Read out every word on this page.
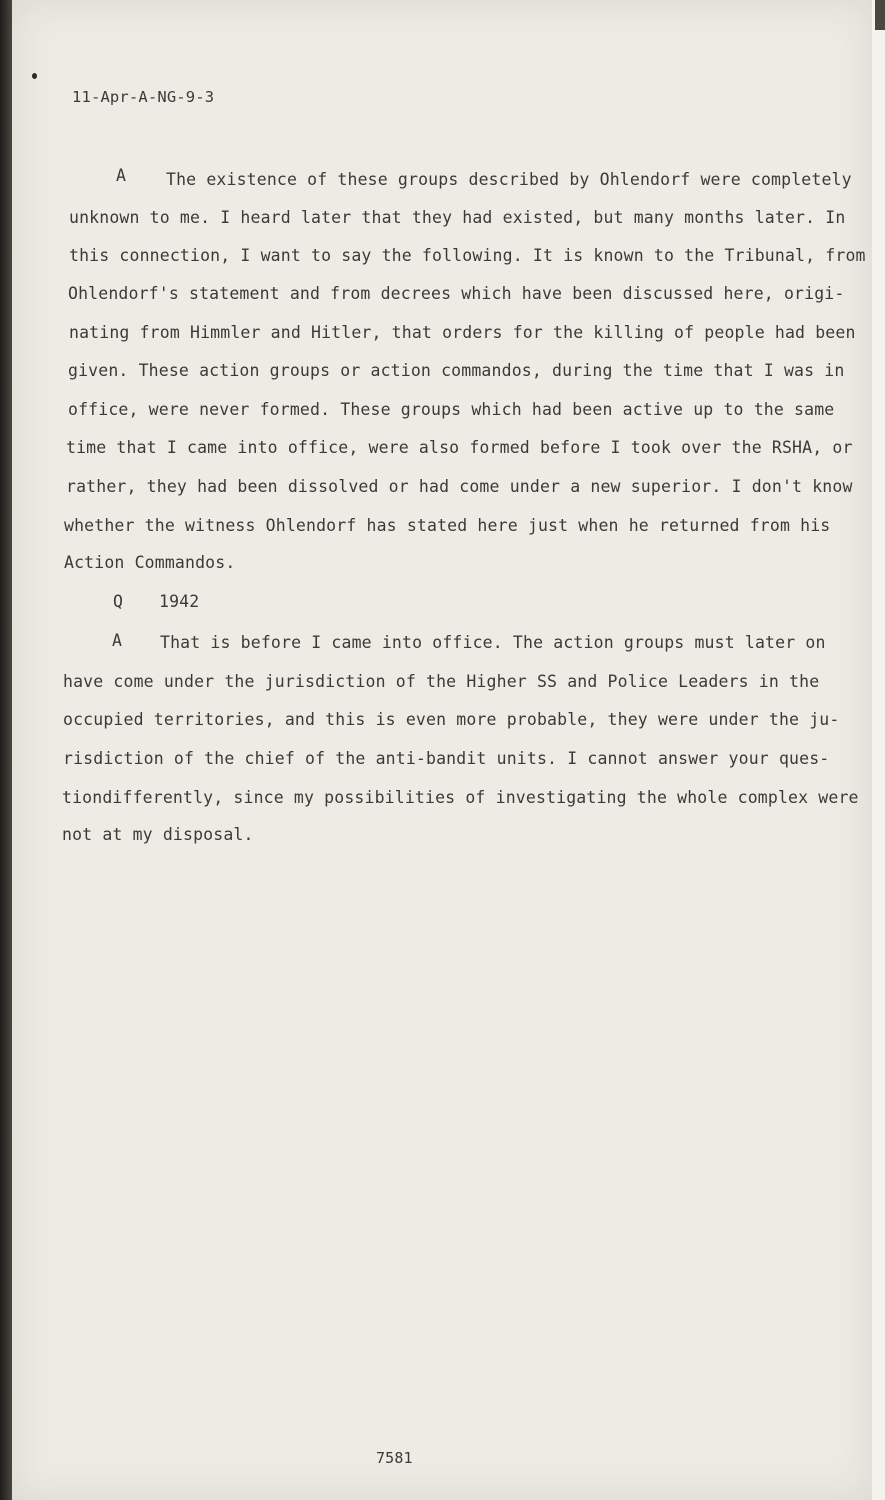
11-Apr-A-NG-9-3
A The existence of these groups described by Ohlendorf were completely
unknown to me. I heard later that they had existed, but many months later. In
this connection, I want to say the following. It is known to the Tribunal, from
Ohlendorf's statement and from decrees which have been discussed here, origi-
nating from Himmler and Hitler, that orders for the killing of people had been
given. These action groups or action commandos, during the time that I was in
office, were never formed. These groups which had been active up to the same
time that I came into office, were also formed before I took over the RSHA, or
rather, they had been dissolved or had come under a new superior. I don't know
whether the witness Ohlendorf has stated here just when he returned from his
Action Commandos.
Q 1942
A That is before I came into office. The action groups must later on
have come under the jurisdiction of the Higher SS and Police Leaders in the
occupied territories, and this is even more probable, they were under the ju-
risdiction of the chief of the anti-bandit units. I cannot answer your ques-
tiondifferently, since my possibilities of investigating the whole complex were
not at my disposal.
7581
